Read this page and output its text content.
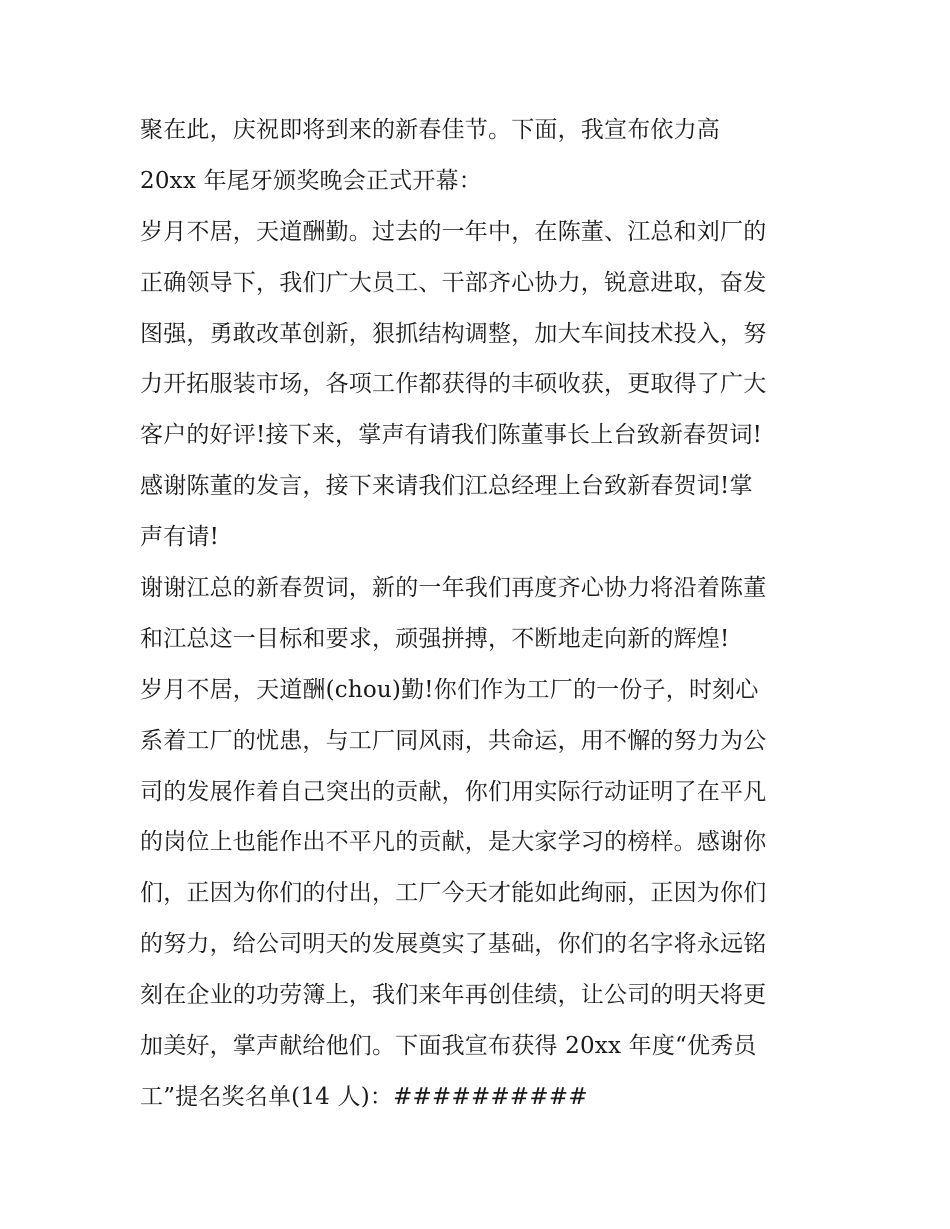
聚在此，庆祝即将到来的新春佳节。下面，我宣布依力高
20xx 年尾牙颁奖晚会正式开幕：
岁月不居，天道酬勤。过去的一年中，在陈董、江总和刘厂的
正确领导下，我们广大员工、干部齐心协力，锐意进取，奋发
图强，勇敢改革创新，狠抓结构调整，加大车间技术投入，努
力开拓服装市场，各项工作都获得的丰硕收获，更取得了广大
客户的好评!接下来，掌声有请我们陈董事长上台致新春贺词!
感谢陈董的发言，接下来请我们江总经理上台致新春贺词!掌
声有请!
谢谢江总的新春贺词，新的一年我们再度齐心协力将沿着陈董
和江总这一目标和要求，顽强拼搏，不断地走向新的辉煌!
岁月不居，天道酬(chou)勤!你们作为工厂的一份子，时刻心
系着工厂的忧患，与工厂同风雨，共命运，用不懈的努力为公
司的发展作着自己突出的贡献，你们用实际行动证明了在平凡
的岗位上也能作出不平凡的贡献，是大家学习的榜样。感谢你
们，正因为你们的付出，工厂今天才能如此绚丽，正因为你们
的努力，给公司明天的发展奠实了基础，你们的名字将永远铭
刻在企业的功劳簿上，我们来年再创佳绩，让公司的明天将更
加美好，掌声献给他们。下面我宣布获得 20xx 年度“优秀员
工”提名奖名单(14 人)：##########
